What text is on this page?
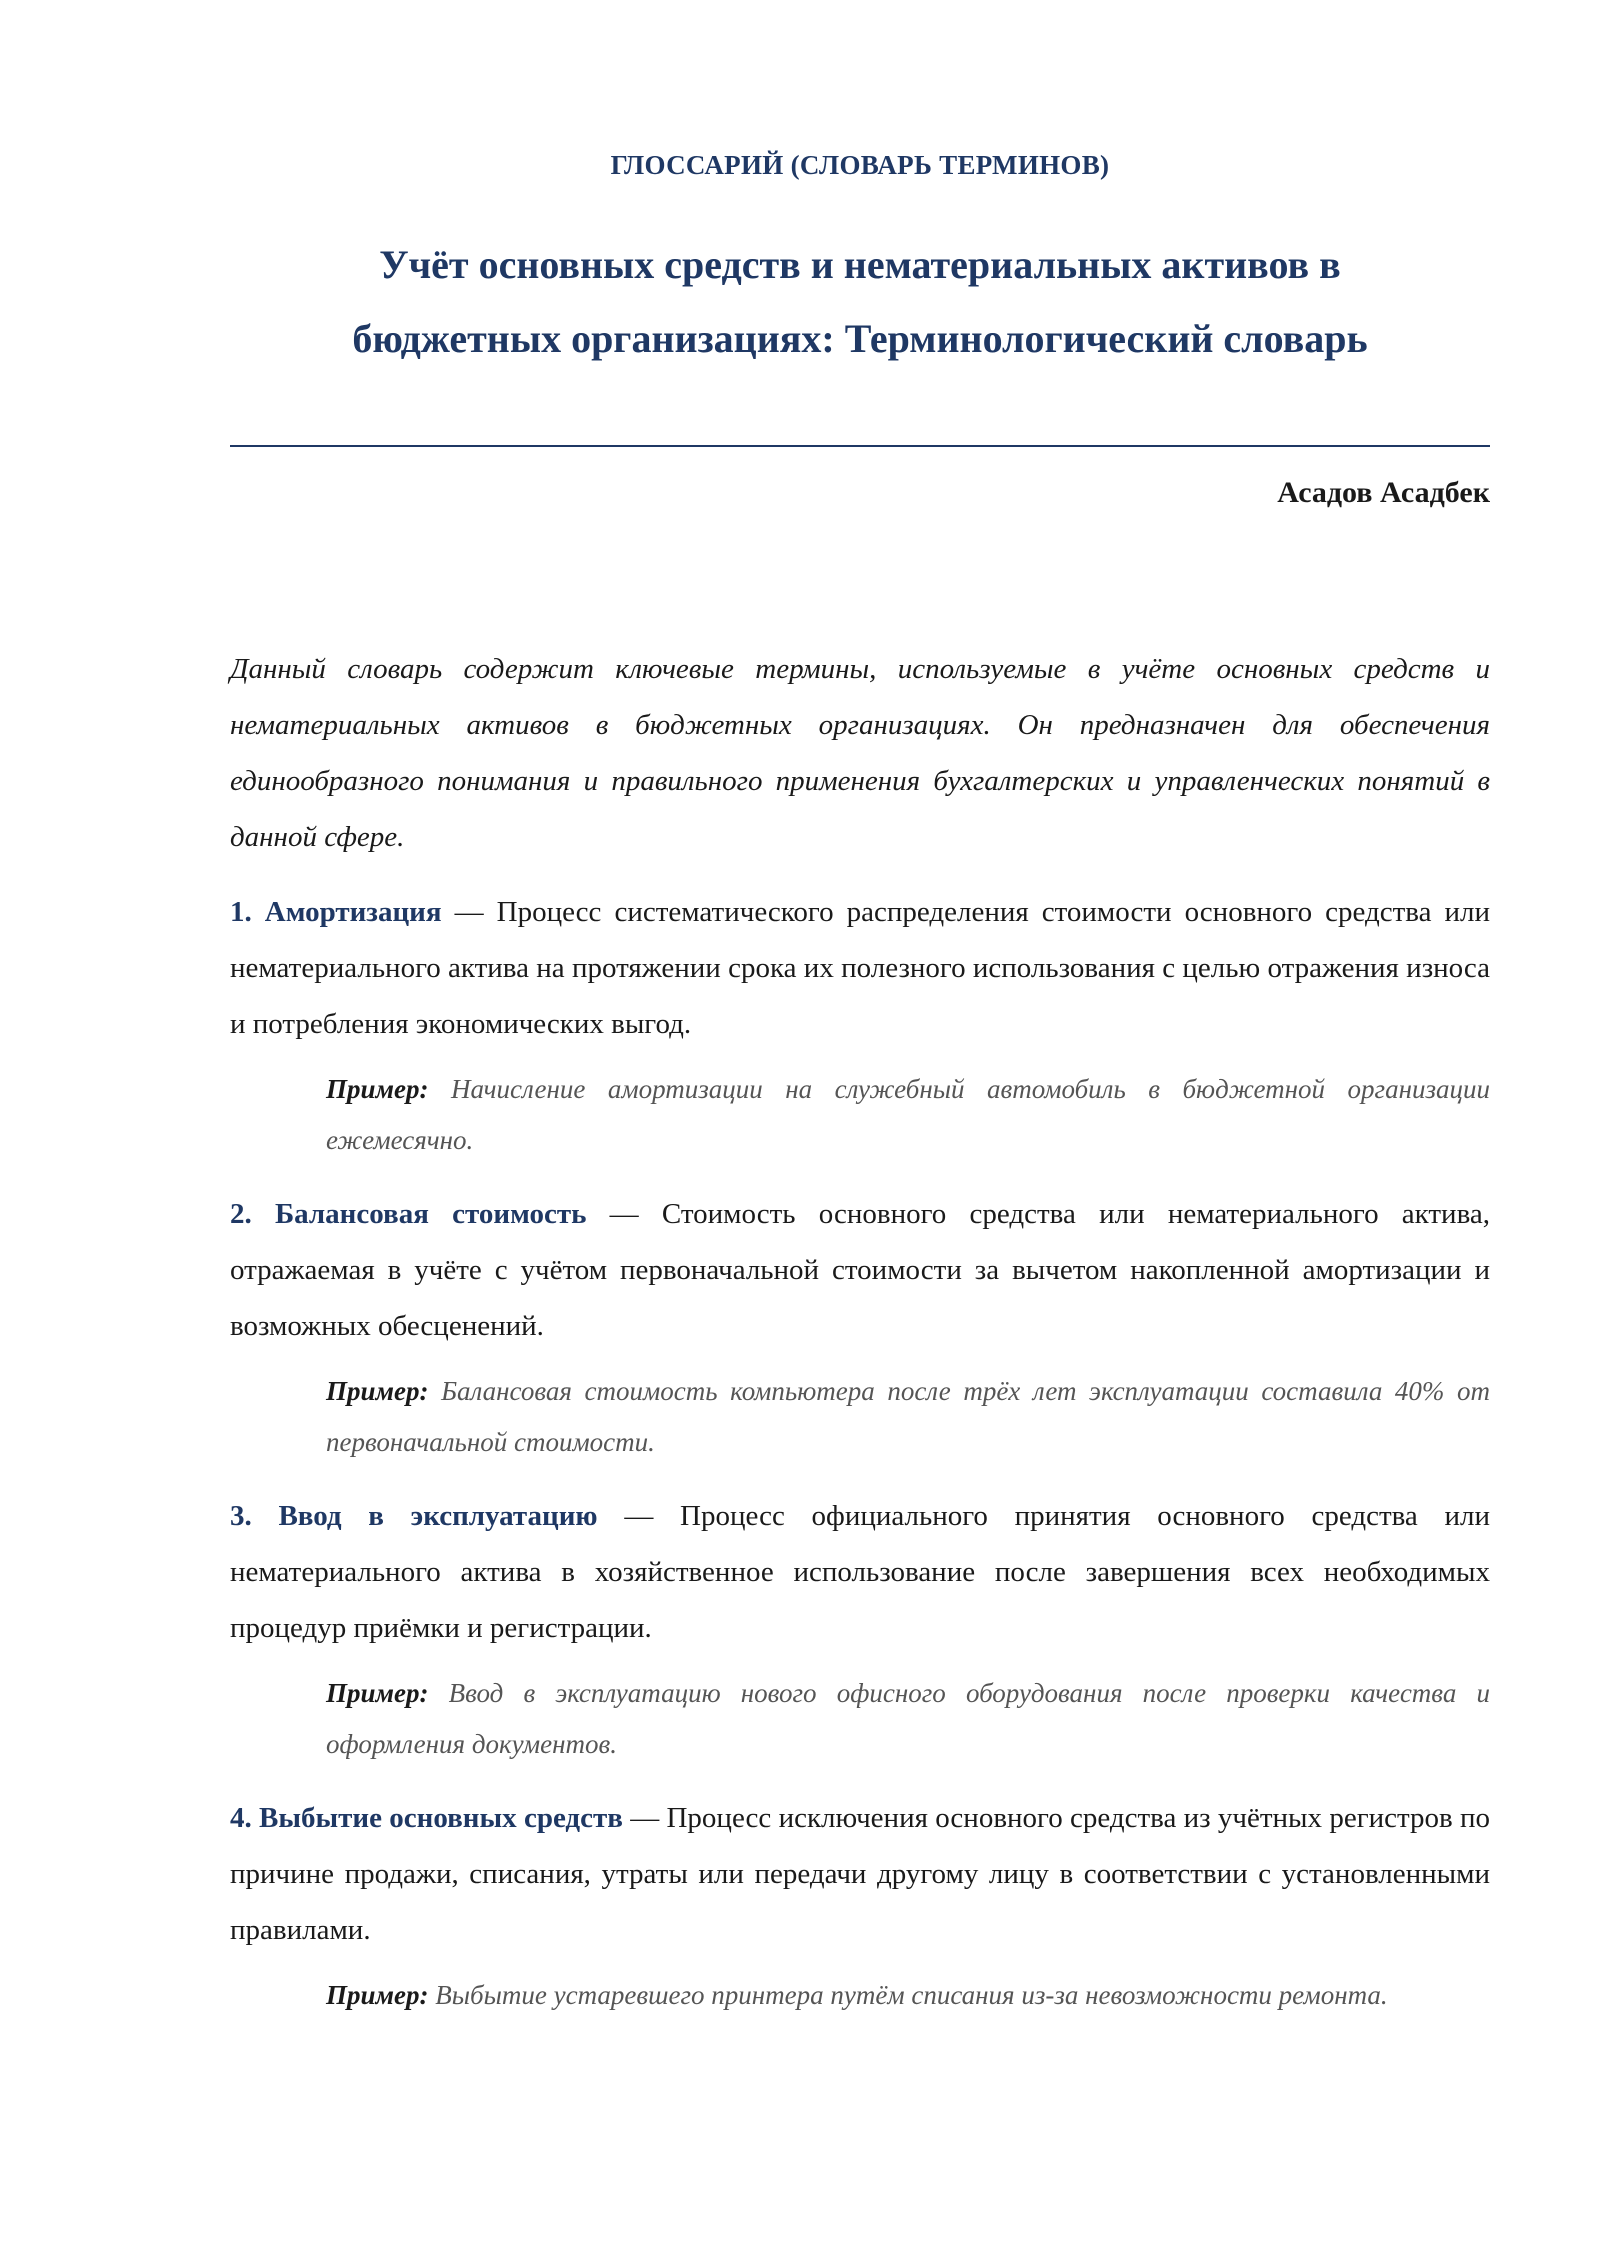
ГЛОССАРИЙ (СЛОВАРЬ ТЕРМИНОВ)
Учёт основных средств и нематериальных активов в
бюджетных организациях: Терминологический словарь
Асадов Асадбек

Данный словарь содержит ключевые термины, используемые в учёте основных средств и нематериальных активов в бюджетных организациях. Он предназначен для обеспечения единообразного понимания и правильного применения бухгалтерских и управленческих понятий в данной сфере.

1. Амортизация — Процесс систематического распределения стоимости основного средства или нематериального актива на протяжении срока их полезного использования с целью отражения износа и потребления экономических выгод.

Пример: Начисление амортизации на служебный автомобиль в бюджетной организации ежемесячно.

2. Балансовая стоимость — Стоимость основного средства или нематериального актива, отражаемая в учёте с учётом первоначальной стоимости за вычетом накопленной амортизации и возможных обесценений.

Пример: Балансовая стоимость компьютера после трёх лет эксплуатации составила 40% от первоначальной стоимости.

3. Ввод в эксплуатацию — Процесс официального принятия основного средства или нематериального актива в хозяйственное использование после завершения всех необходимых процедур приёмки и регистрации.

Пример: Ввод в эксплуатацию нового офисного оборудования после проверки качества и оформления документов.

4. Выбытие основных средств — Процесс исключения основного средства из учётных регистров по причине продажи, списания, утраты или передачи другому лицу в соответствии с установленными правилами.

Пример: Выбытие устаревшего принтера путём списания из-за невозможности ремонта.
